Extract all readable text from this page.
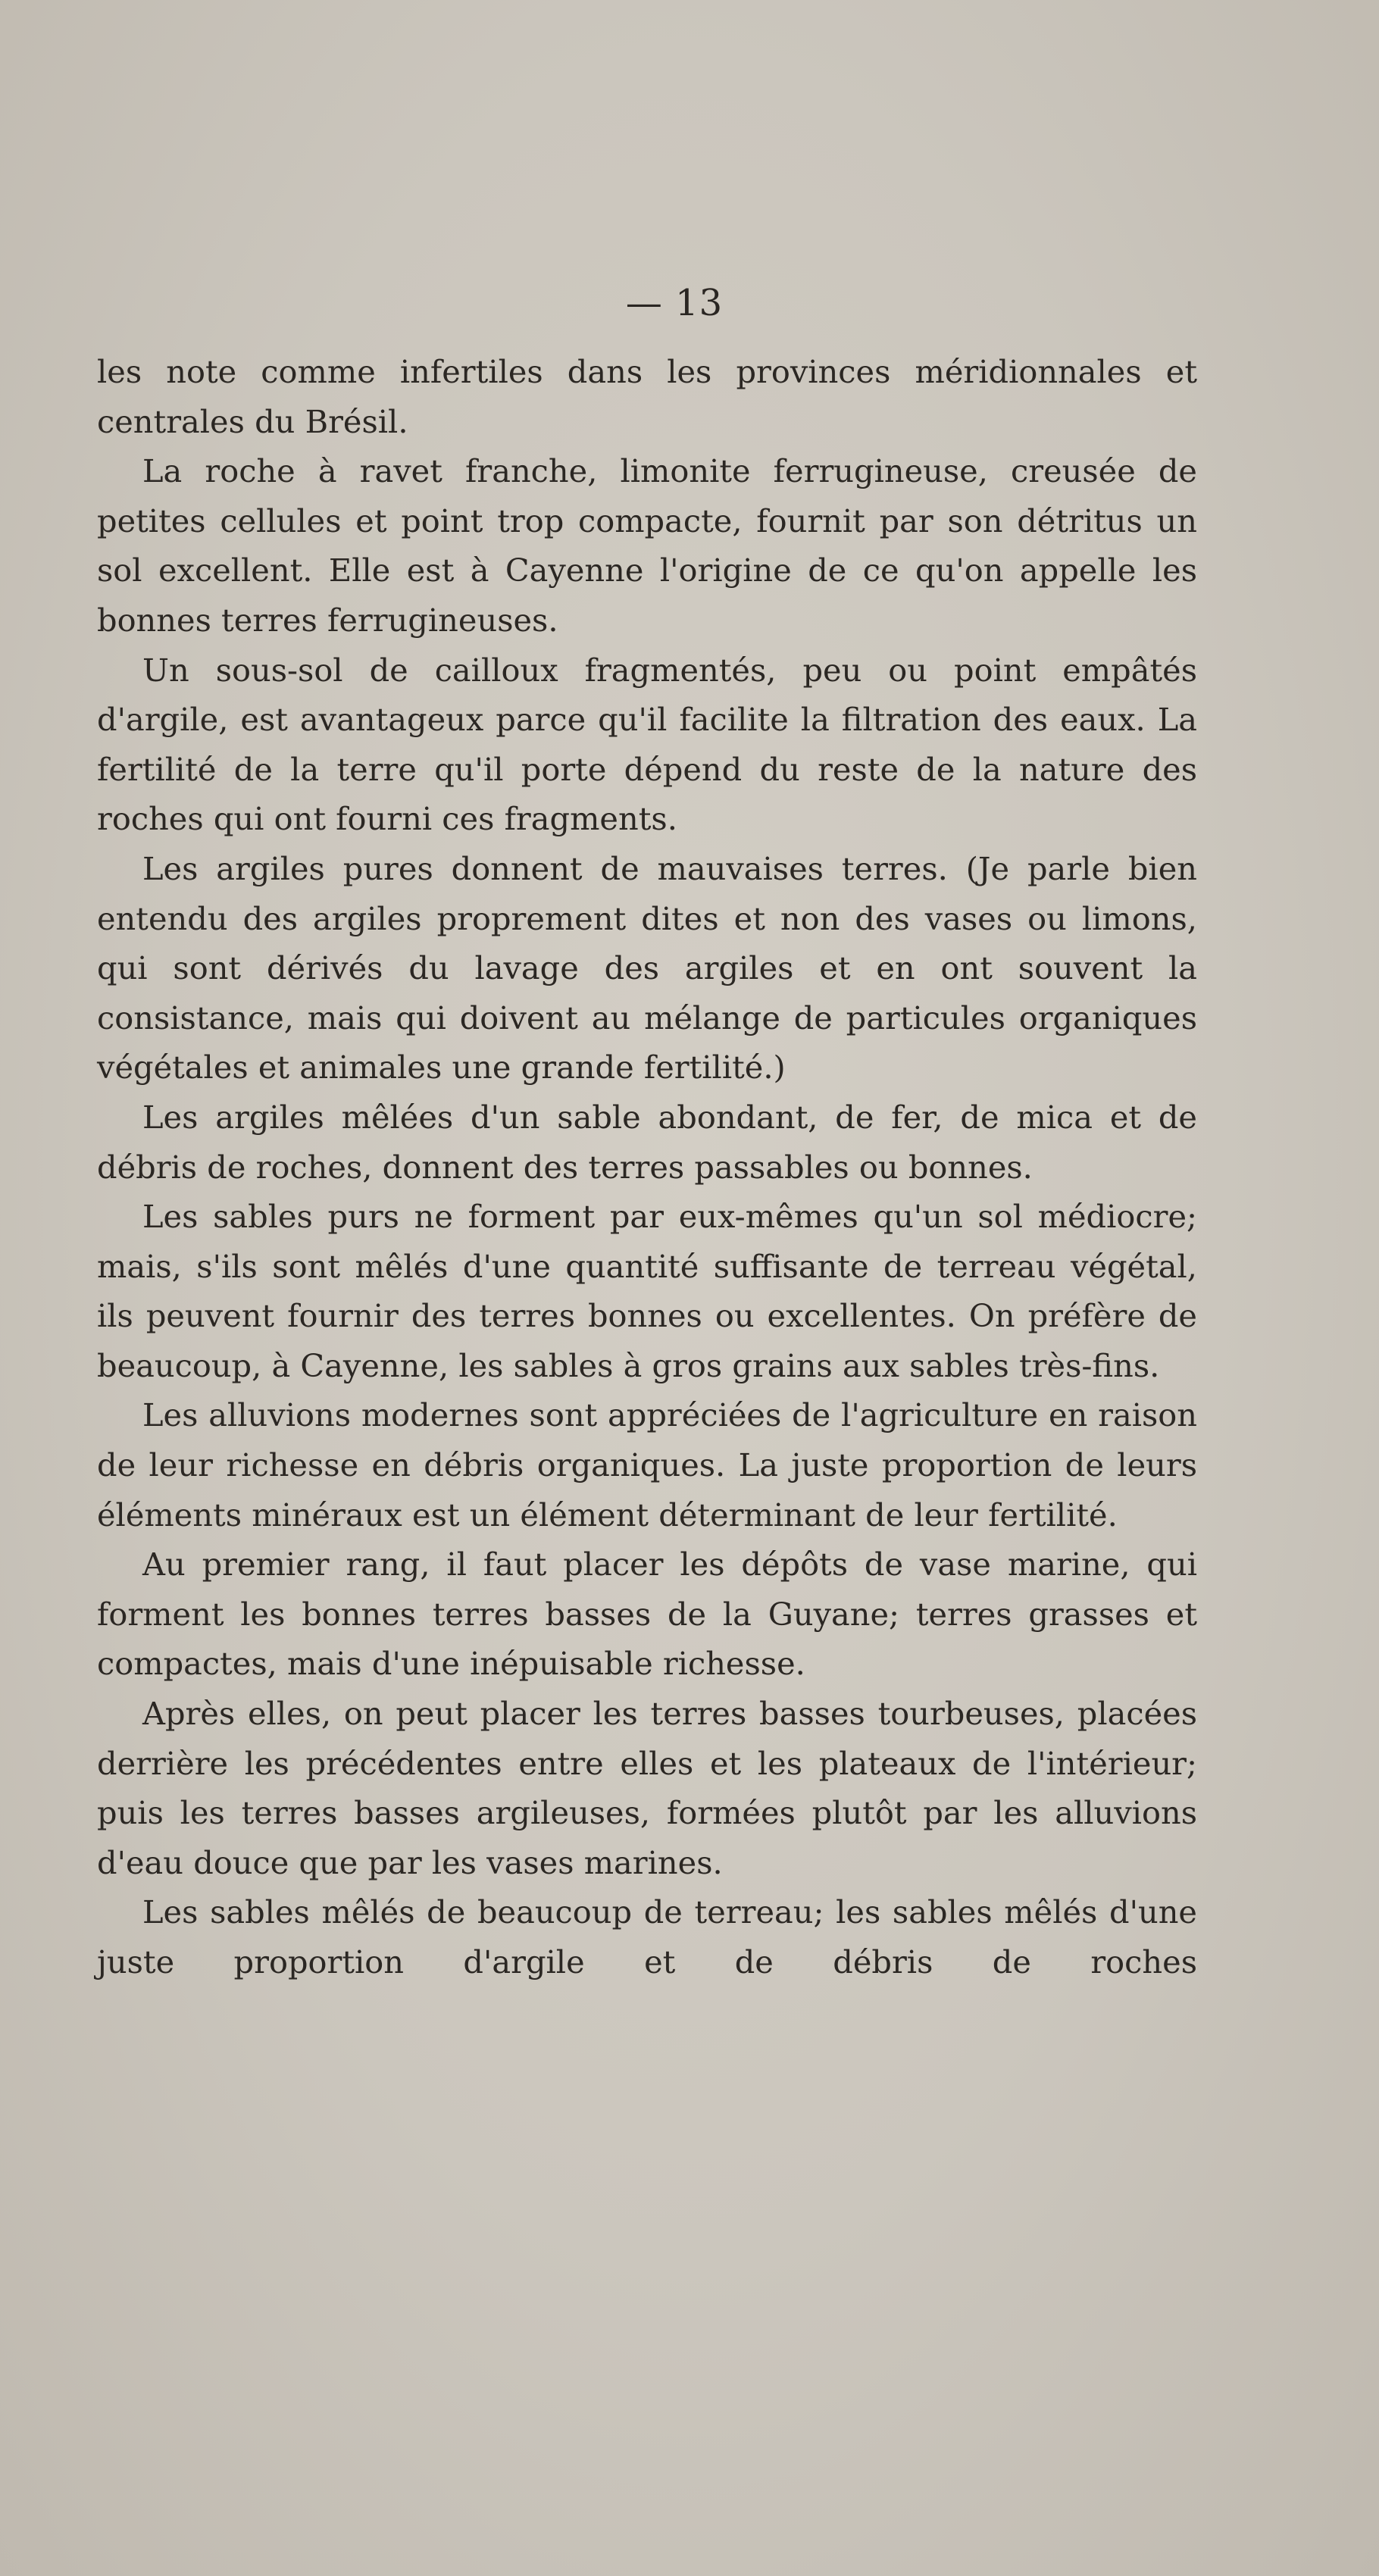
— 13

les note comme infertiles dans les provinces méridionnales et centrales du Brésil.

La roche à ravet franche, limonite ferrugineuse, creusée de petites cellules et point trop compacte, fournit par son détritus un sol excellent. Elle est à Cayenne l'origine de ce qu'on appelle les bonnes terres ferrugineuses.

Un sous-sol de cailloux fragmentés, peu ou point empâtés d'argile, est avantageux parce qu'il facilite la filtration des eaux. La fertilité de la terre qu'il porte dépend du reste de la nature des roches qui ont fourni ces fragments.

Les argiles pures donnent de mauvaises terres. (Je parle bien entendu des argiles proprement dites et non des vases ou limons, qui sont dérivés du lavage des argiles et en ont souvent la consistance, mais qui doivent au mélange de particules organiques végétales et animales une grande fertilité.)

Les argiles mêlées d'un sable abondant, de fer, de mica et de débris de roches, donnent des terres passables ou bonnes.

Les sables purs ne forment par eux-mêmes qu'un sol médiocre; mais, s'ils sont mêlés d'une quantité suffisante de terreau végétal, ils peuvent fournir des terres bonnes ou excellentes. On préfère de beaucoup, à Cayenne, les sables à gros grains aux sables très-fins.

Les alluvions modernes sont appréciées de l'agriculture en raison de leur richesse en débris organiques. La juste proportion de leurs éléments minéraux est un élément déterminant de leur fertilité.

Au premier rang, il faut placer les dépôts de vase marine, qui forment les bonnes terres basses de la Guyane; terres grasses et compactes, mais d'une inépuisable richesse.

Après elles, on peut placer les terres basses tourbeuses, placées derrière les précédentes entre elles et les plateaux de l'intérieur; puis les terres basses argileuses, formées plutôt par les alluvions d'eau douce que par les vases marines.

Les sables mêlés de beaucoup de terreau; les sables mêlés d'une juste proportion d'argile et de débris de roches
